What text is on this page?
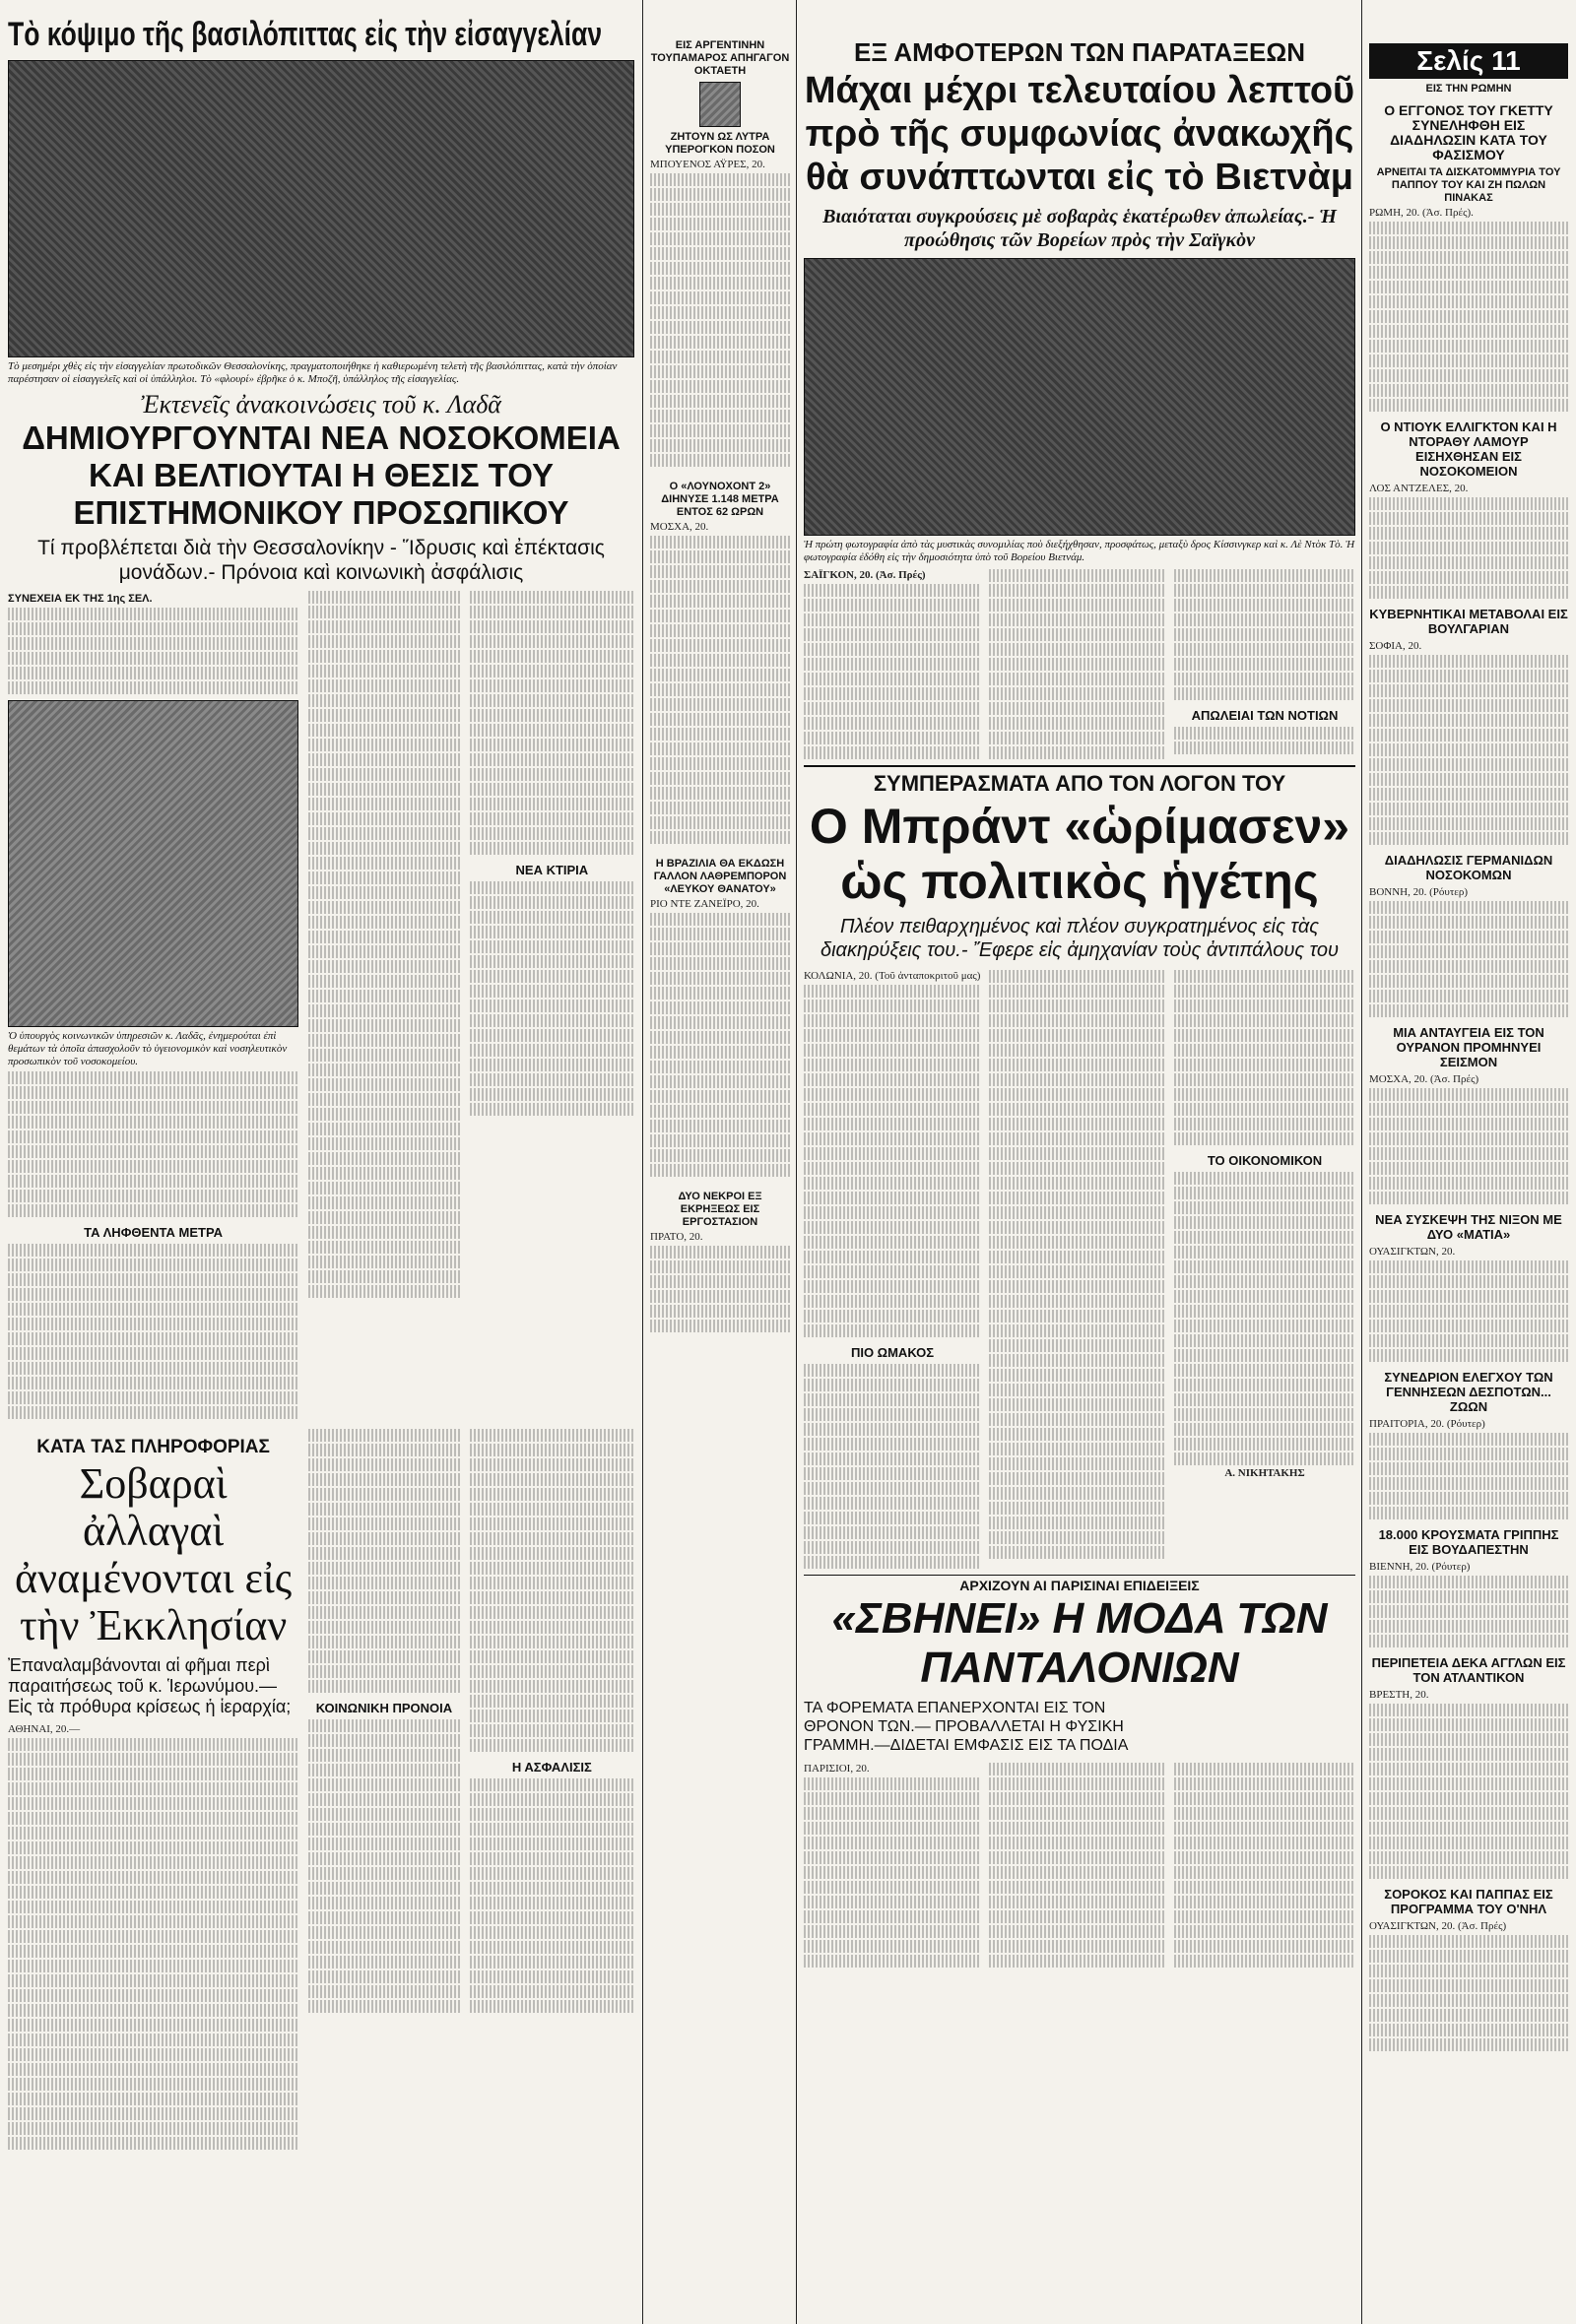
Τὸ κόψιμο τῆς βασιλόπιττας εἰς τὴν εἰσαγγελίαν

Τὸ μεσημέρι χθὲς εἰς τὴν εἰσαγγελίαν πρωτοδικῶν Θεσσαλονίκης, πραγματοποιήθηκε ἡ καθιερωμένη τελετὴ τῆς βασιλόπιττας, κατὰ τὴν ὁποίαν παρέστησαν οἱ εἰσαγγελεῖς καὶ οἱ ὑπάλληλοι. Τὸ «φλουρί» ἐβρῆκε ὁ κ. Μποζῆ, ὑπάλληλος τῆς εἰσαγγελίας.

Ἐκτενεῖς ἀνακοινώσεις τοῦ κ. Λαδᾶ

ΔΗΜΙΟΥΡΓΟΥΝΤΑΙ ΝΕΑ ΝΟΣΟΚΟΜΕΙΑ ΚΑΙ ΒΕΛΤΙΟΥΤΑΙ Η ΘΕΣΙΣ ΤΟΥ ΕΠΙΣΤΗΜΟΝΙΚΟΥ ΠΡΟΣΩΠΙΚΟΥ

Τί προβλέπεται διὰ τὴν Θεσσαλονίκην - Ἵδρυσις καὶ ἐπέκτασις μονάδων.- Πρόνοια καὶ κοινωνικὴ ἀσφάλισις

ΣΥΝΕΧΕΙΑ ΕΚ ΤΗΣ 1ης ΣΕΛ.

Ὁ ὑπουργὸς κοινωνικῶν ὑπηρεσιῶν κ. Λαδᾶς, ἐνημερούται ἐπὶ θεμάτων τὰ ὁποῖα ἀπασχολοῦν τὸ ὑγειονομικὸν καὶ νοσηλευτικὸν προσωπικὸν τοῦ νοσοκομείου.

ΤΑ ΛΗΦΘΕΝΤΑ ΜΕΤΡΑ
ΝΕΑ ΚΤΙΡΙΑ
ΚΑΤΑ ΤΑΣ ΠΛΗΡΟΦΟΡΙΑΣ
Σοβαραὶ ἀλλαγαὶ ἀναμένονται εἰς τὴν Ἐκκλησίαν

Ἐπαναλαμβάνονται αἱ φῆμαι περὶ παραιτήσεως τοῦ κ. Ἱερωνύμου.— Εἰς τὰ πρόθυρα κρίσεως ἡ ἱεραρχία;

ΑΘΗΝΑΙ, 20.—
ΚΟΙΝΩΝΙΚΗ ΠΡΟΝΟΙΑ
Η ΑΣΦΑΛΙΣΙΣ
ΕΙΣ ΑΡΓΕΝΤΙΝΗΝ ΤΟΥΠΑΜΑΡΟΣ ΑΠΗΓΑΓΟΝ ΟΚΤΑΕΤΗ
ΖΗΤΟΥΝ ΩΣ ΛΥΤΡΑ ΥΠΕΡΟΓΚΟΝ ΠΟΣΟΝ
ΜΠΟΥΕΝΟΣ ΑΫΡΕΣ, 20.
Ο «ΛΟΥΝΟΧΟΝΤ 2» ΔΙΗΝΥΣΕ 1.148 ΜΕΤΡΑ ΕΝΤΟΣ 62 ΩΡΩΝ
ΜΟΣΧΑ, 20.
Η ΒΡΑΖΙΛΙΑ ΘΑ ΕΚΔΩΣΗ ΓΑΛΛΟΝ ΛΑΘΡΕΜΠΟΡΟΝ «ΛΕΥΚΟΥ ΘΑΝΑΤΟΥ»
ΡΙΟ ΝΤΕ ΖΑΝΕΪΡΟ, 20.
ΔΥΟ ΝΕΚΡΟΙ ΕΞ ΕΚΡΗΞΕΩΣ ΕΙΣ ΕΡΓΟΣΤΑΣΙΟΝ
ΠΡΑΤΟ, 20.
ΕΞ ΑΜΦΟΤΕΡΩΝ ΤΩΝ ΠΑΡΑΤΑΞΕΩΝ
Μάχαι μέχρι τελευταίου λεπτοῦ πρὸ τῆς συμφωνίας ἀνακωχῆς θὰ συνάπτωνται εἰς τὸ Βιετνὰμ

Βιαιόταται συγκρούσεις μὲ σοβαρὰς ἑκατέρωθεν ἀπωλείας.- Ἡ προώθησις τῶν Βορείων πρὸς τὴν Σαϊγκὸν

Ἡ πρώτη φωτογραφία ἀπὸ τὰς μυστικὰς συνομιλίας ποὺ διεξήχθησαν, προσφάτως, μεταξὺ δρος Κίσσινγκερ καὶ κ. Λὲ Ντὸκ Τὸ. Ἡ φωτογραφία ἐδόθη εἰς τὴν δημοσιότητα ὑπὸ τοῦ Βορείου Βιετνάμ.

ΣΑΪΓΚΟΝ, 20. (Ἀσ. Πρές)
ΑΠΩΛΕΙΑΙ ΤΩΝ ΝΟΤΙΩΝ
ΣΥΜΠΕΡΑΣΜΑΤΑ ΑΠΟ ΤΟΝ ΛΟΓΟΝ ΤΟΥ
Ο Μπράντ «ὡρίμασεν» ὡς πολιτικὸς ἡγέτης

Πλέον πειθαρχημένος καὶ πλέον συγκρατημένος εἰς τὰς διακηρύξεις του.- Ἔφερε εἰς ἀμηχανίαν τοὺς ἀντιπάλους του

ΚΟΛΩΝΙΑ, 20. (Τοῦ ἀνταποκριτοῦ μας)
ΠΙΟ ΩΜΑΚΟΣ
ΤΟ ΟΙΚΟΝΟΜΙΚΟΝ
Α. ΝΙΚΗΤΑΚΗΣ
ΑΡΧΙΖΟΥΝ ΑΙ ΠΑΡΙΣΙΝΑΙ ΕΠΙΔΕΙΞΕΙΣ
«ΣΒΗΝΕΙ» Η ΜΟΔΑ ΤΩΝ ΠΑΝΤΑΛΟΝΙΩΝ

ΤΑ ΦΟΡΕΜΑΤΑ ΕΠΑΝΕΡΧΟΝΤΑΙ ΕΙΣ ΤΟΝ ΘΡΟΝΟΝ ΤΩΝ.— ΠΡΟΒΑΛΛΕΤΑΙ Η ΦΥΣΙΚΗ ΓΡΑΜΜΗ.—ΔΙΔΕΤΑΙ ΕΜΦΑΣΙΣ ΕΙΣ ΤΑ ΠΟΔΙΑ

ΠΑΡΙΣΙΟΙ, 20.
Σελίς 11
ΕΙΣ ΤΗΝ ΡΩΜΗΝ
Ο ΕΓΓΟΝΟΣ ΤΟΥ ΓΚΕΤΤΥ ΣΥΝΕΛΗΦΘΗ ΕΙΣ ΔΙΑΔΗΛΩΣΙΝ ΚΑΤΑ ΤΟΥ ΦΑΣΙΣΜΟΥ
ΑΡΝΕΙΤΑΙ ΤΑ ΔΙΣΚΑΤΟΜΜΥΡΙΑ ΤΟΥ ΠΑΠΠΟΥ ΤΟΥ ΚΑΙ ΖΗ ΠΩΛΩΝ ΠΙΝΑΚΑΣ
ΡΩΜΗ, 20. (Ἀσ. Πρές).
Ο ΝΤΙΟΥΚ ΕΛΛΙΓΚΤΟΝ ΚΑΙ Η ΝΤΟΡΑΘΥ ΛΑΜΟΥΡ ΕΙΣΗΧΘΗΣΑΝ ΕΙΣ ΝΟΣΟΚΟΜΕΙΟΝ
ΛΟΣ ΑΝΤΖΕΛΕΣ, 20.
ΚΥΒΕΡΝΗΤΙΚΑΙ ΜΕΤΑΒΟΛΑΙ ΕΙΣ ΒΟΥΛΓΑΡΙΑΝ
ΣΟΦΙΑ, 20.
ΔΙΑΔΗΛΩΣΙΣ ΓΕΡΜΑΝΙΔΩΝ ΝΟΣΟΚΟΜΩΝ
ΒΟΝΝΗ, 20. (Ρόυτερ)
ΜΙΑ ΑΝΤΑΥΓΕΙΑ ΕΙΣ ΤΟΝ ΟΥΡΑΝΟΝ ΠΡΟΜΗΝΥΕΙ ΣΕΙΣΜΟΝ
ΜΟΣΧΑ, 20. (Ἀσ. Πρές)
ΝΕΑ ΣΥΣΚΕΨΗ ΤΗΣ ΝΙΞΟΝ ΜΕ ΔΥΟ «ΜΑΤΙΑ»
ΟΥΑΣΙΓΚΤΩΝ, 20.
ΣΥΝΕΔΡΙΟΝ ΕΛΕΓΧΟΥ ΤΩΝ ΓΕΝΝΗΣΕΩΝ ΔΕΣΠΟΤΩΝ... ΖΩΩΝ
ΠΡΑΙΤΟΡΙΑ, 20. (Ρόυτερ)
18.000 ΚΡΟΥΣΜΑΤΑ ΓΡΙΠΠΗΣ ΕΙΣ ΒΟΥΔΑΠΕΣΤΗΝ
ΒΙΕΝΝΗ, 20. (Ρόυτερ)
ΠΕΡΙΠΕΤΕΙΑ ΔΕΚΑ ΑΓΓΛΩΝ ΕΙΣ ΤΟΝ ΑΤΛΑΝΤΙΚΟΝ
ΒΡΕΣΤΗ, 20.
ΣΟΡΟΚΟΣ ΚΑΙ ΠΑΠΠΑΣ ΕΙΣ ΠΡΟΓΡΑΜΜΑ ΤΟΥ Ο'ΝΗΛ
ΟΥΑΣΙΓΚΤΩΝ, 20. (Ἀσ. Πρές)
